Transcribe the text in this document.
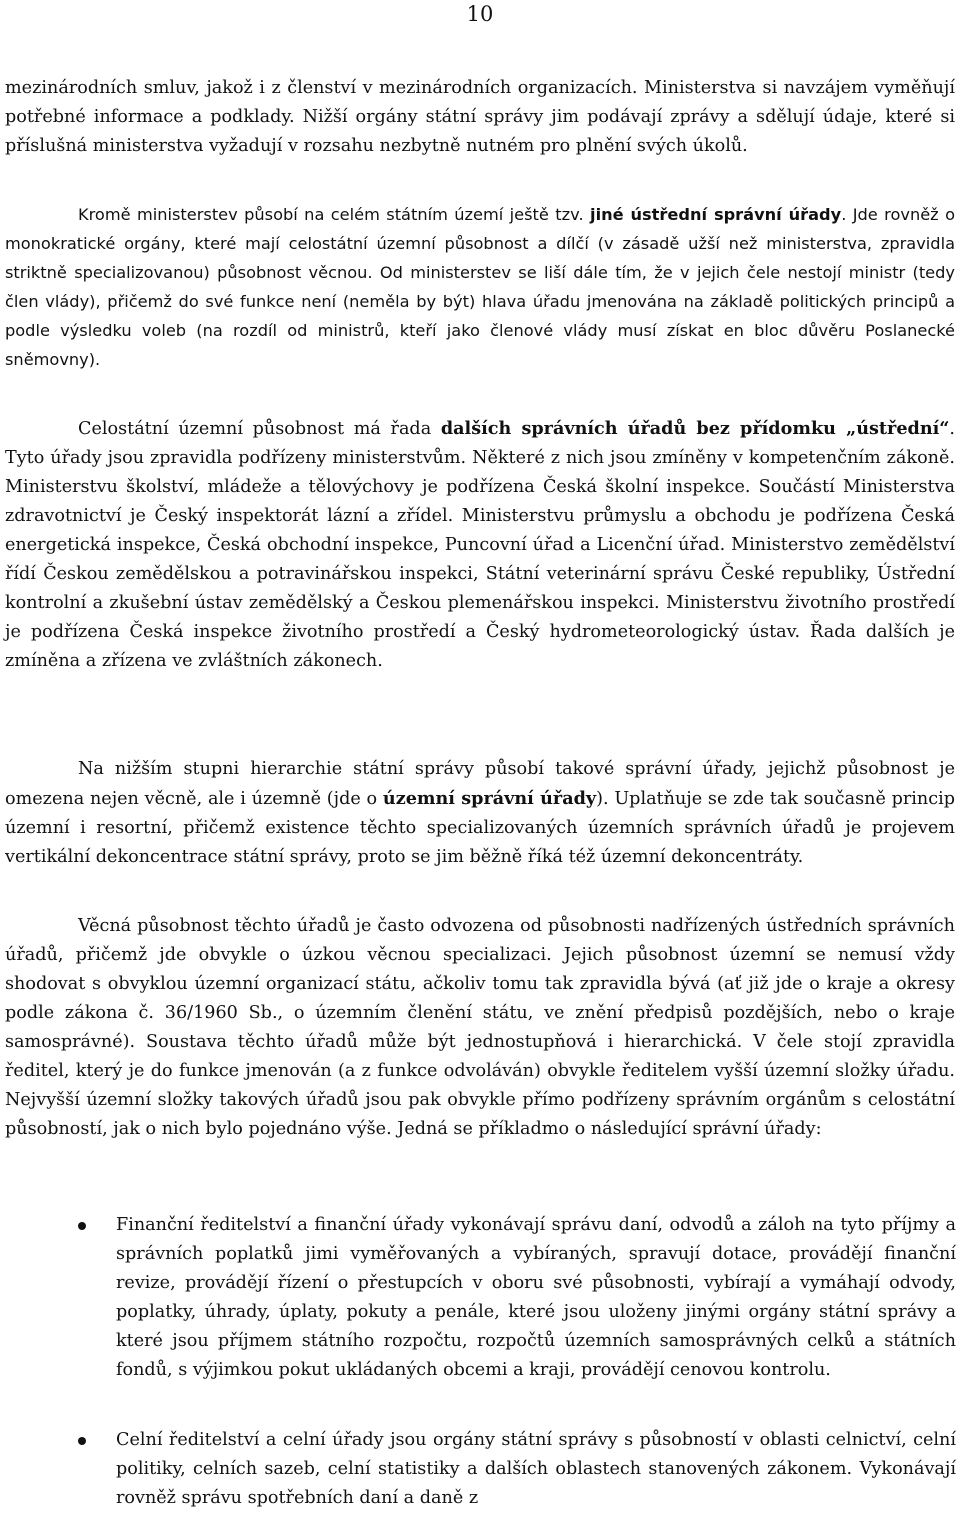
10

mezinárodních smluv, jakož i z členství v mezinárodních organizacích. Ministerstva si navzájem vyměňují potřebné informace a podklady. Nižší orgány státní správy jim podávají zprávy a sdělují údaje, které si příslušná ministerstva vyžadují v rozsahu nezbytně nutném pro plnění svých úkolů.

Kromě ministerstev působí na celém státním území ještě tzv. jiné ústřední správní úřady. Jde rovněž o monokratické orgány, které mají celostátní územní působnost a dílčí (v zásadě užší než ministerstva, zpravidla striktně specializovanou) působnost věcnou. Od ministerstev se liší dále tím, že v jejich čele nestojí ministr (tedy člen vlády), přičemž do své funkce není (neměla by být) hlava úřadu jmenována na základě politických principů a podle výsledku voleb (na rozdíl od ministrů, kteří jako členové vlády musí získat en bloc důvěru Poslanecké sněmovny).

Celostátní územní působnost má řada dalších správních úřadů bez přídomku „ústřední“. Tyto úřady jsou zpravidla podřízeny ministerstvům. Některé z nich jsou zmíněny v kompetenčním zákoně. Ministerstvu školství, mládeže a tělovýchovy je podřízena Česká školní inspekce. Součástí Ministerstva zdravotnictví je Český inspektorát lázní a zřídel. Ministerstvu průmyslu a obchodu je podřízena Česká energetická inspekce, Česká obchodní inspekce, Puncovní úřad a Licenční úřad. Ministerstvo zemědělství řídí Českou zemědělskou a potravinářskou inspekci, Státní veterinární správu České republiky, Ústřední kontrolní a zkušební ústav zemědělský a Českou plemenářskou inspekci. Ministerstvu životního prostředí je podřízena Česká inspekce životního prostředí a Český hydrometeorologický ústav. Řada dalších je zmíněna a zřízena ve zvláštních zákonech.

Na nižším stupni hierarchie státní správy působí takové správní úřady, jejichž působnost je omezena nejen věcně, ale i územně (jde o územní správní úřady). Uplatňuje se zde tak současně princip územní i resortní, přičemž existence těchto specializovaných územních správních úřadů je projevem vertikální dekoncentrace státní správy, proto se jim běžně říká též územní dekoncentráty.

Věcná působnost těchto úřadů je často odvozena od působnosti nadřízených ústředních správních úřadů, přičemž jde obvykle o úzkou věcnou specializaci. Jejich působnost územní se nemusí vždy shodovat s obvyklou územní organizací státu, ačkoliv tomu tak zpravidla bývá (ať již jde o kraje a okresy podle zákona č. 36/1960 Sb., o územním členění státu, ve znění předpisů pozdějších, nebo o kraje samosprávné). Soustava těchto úřadů může být jednostupňová i hierarchická. V čele stojí zpravidla ředitel, který je do funkce jmenován (a z funkce odvoláván) obvykle ředitelem vyšší územní složky úřadu. Nejvyšší územní složky takových úřadů jsou pak obvykle přímo podřízeny správním orgánům s celostátní působností, jak o nich bylo pojednáno výše. Jedná se příkladmo o následující správní úřady:

Finanční ředitelství a finanční úřady vykonávají správu daní, odvodů a záloh na tyto příjmy a správních poplatků jimi vyměřovaných a vybíraných, spravují dotace, provádějí finanční revize, provádějí řízení o přestupcích v oboru své působnosti, vybírají a vymáhají odvody, poplatky, úhrady, úplaty, pokuty a penále, které jsou uloženy jinými orgány státní správy a které jsou příjmem státního rozpočtu, rozpočtů územních samosprávných celků a státních fondů, s výjimkou pokut ukládaných obcemi a kraji, provádějí cenovou kontrolu.

Celní ředitelství a celní úřady jsou orgány státní správy s působností v oblasti celnictví, celní politiky, celních sazeb, celní statistiky a dalších oblastech stanovených zákonem. Vykonávají rovněž správu spotřebních daní a daně z
